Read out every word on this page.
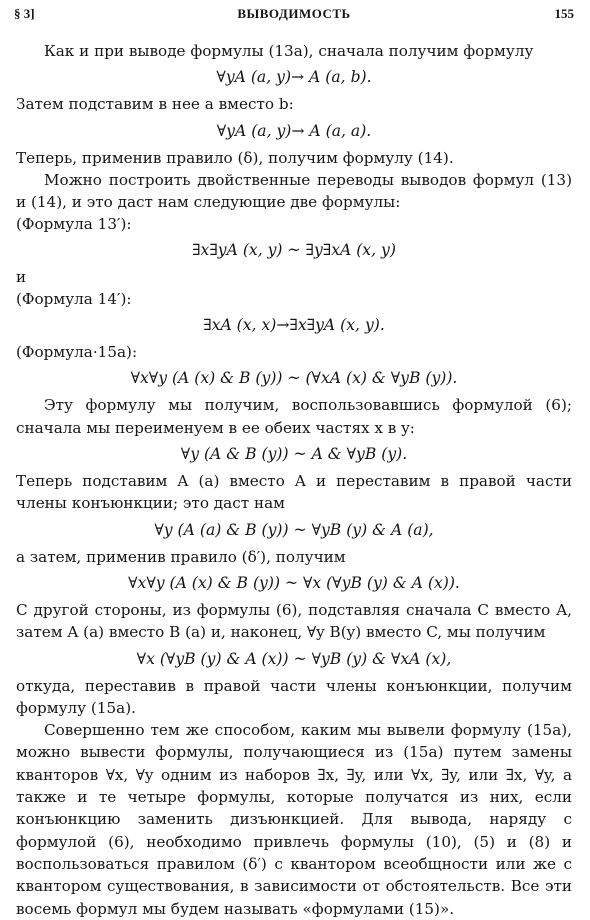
§ 3]	ВЫВОДИМОСТЬ	155

Как и при выводе формулы (13а), сначала получим формулу

∀yA (a, y)→ A (a, b).

Затем подставим в нее a вместо b:

∀yA (a, y)→ A (a, a).

Теперь, применив правило (δ), получим формулу (14).

Можно построить двойственные переводы выводов формул (13) и (14), и это даст нам следующие две формулы:

(Формула 13′):

∃x∃yA (x, y) ~ ∃y∃xA (x, y)

и

(Формула 14′):

∃xA (x, x)→∃x∃yA (x, y).

(Формула·15а):

∀x∀y (A (x) & B (y)) ~ (∀xA (x) & ∀yB (y)).

Эту формулу мы получим, воспользовавшись формулой (6); сначала мы переименуем в ее обеих частях x в y:

∀y (A & B (y)) ~ A & ∀yB (y).

Теперь подставим A (a) вместо A и переставим в правой части члены конъюнкции; это даст нам

∀y (A (a) & B (y)) ~ ∀yB (y) & A (a),

а затем, применив правило (δ′), получим

∀x∀y (A (x) & B (y)) ~ ∀x (∀yB (y) & A (x)).

С другой стороны, из формулы (6), подставляя сначала C вместо A, затем A (a) вместо B (a) и, наконец, ∀y B(y) вместо C, мы получим

∀x (∀yB (y) & A (x)) ~ ∀yB (y) & ∀xA (x),

откуда, переставив в правой части члены конъюнкции, получим формулу (15а).

Совершенно тем же способом, каким мы вывели формулу (15а), можно вывести формулы, получающиеся из (15а) путем замены кванторов ∀x, ∀y одним из наборов ∃x, ∃y, или ∀x, ∃y, или ∃x, ∀y, а также и те четыре формулы, которые получатся из них, если конъюнкцию заменить дизъюнкцией. Для вывода, наряду с формулой (6), необходимо привлечь формулы (10), (5) и (8) и воспользоваться правилом (δ′) с квантором всеобщности или же с квантором существования, в зависимости от обстоятельств. Все эти восемь формул мы будем называть «формулами (15)».
